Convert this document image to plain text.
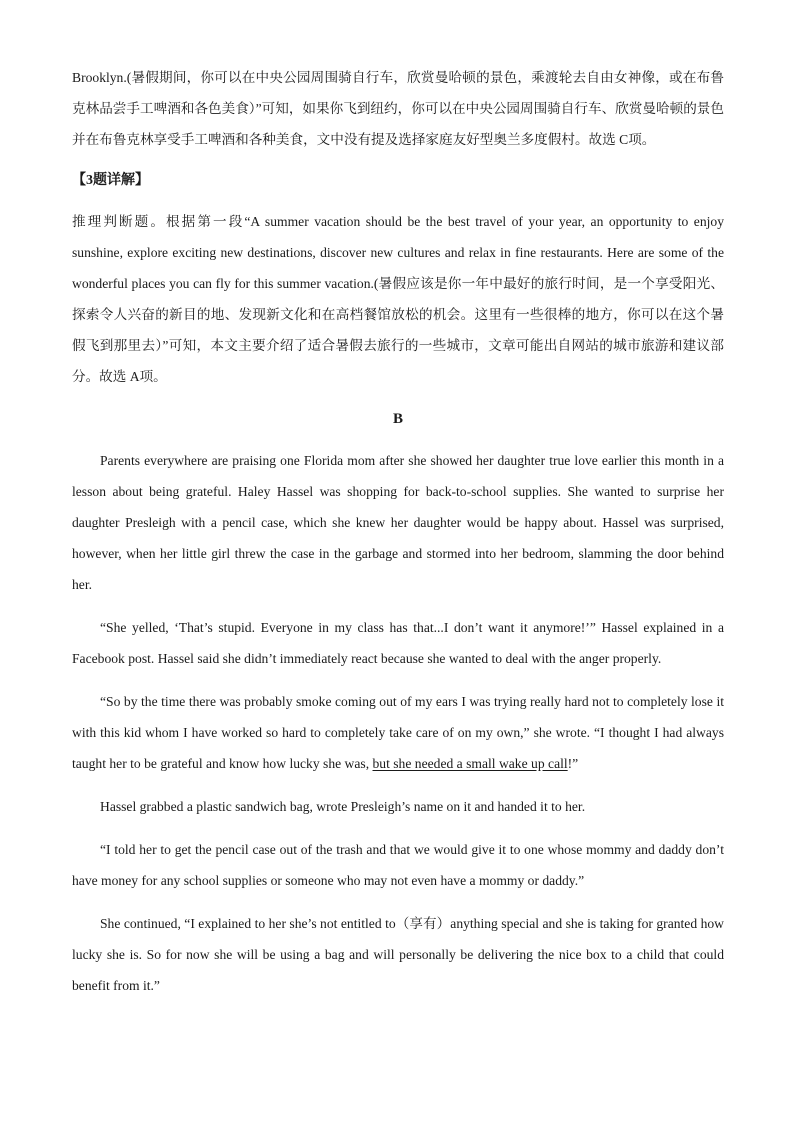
Brooklyn.(暑假期间，你可以在中央公园周围骑自行车，欣赏曼哈顿的景色，乘渡轮去自由女神像，或在布鲁克林品尝手工啤酒和各色美食）”可知，如果你飞到纽约，你可以在中央公园周围骑自行车、欣赏曼哈顿的景色并在布鲁克林享受手工啤酒和各种美食，文中没有提及选择家庭友好型奥兰多度假村。故选 C项。

【3题详解】

推理判断题。根据第一段“A summer vacation should be the best travel of your year, an opportunity to enjoy sunshine, explore exciting new destinations, discover new cultures and relax in fine restaurants. Here are some of the wonderful places you can fly for this summer vacation.(暑假应该是你一年中最好的旅行时间，是一个享受阳光、探索令人兴奋的新目的地、发现新文化和在高档餐馆放松的机会。这里有一些很棒的地方，你可以在这个暑假飞到那里去）”可知，本文主要介绍了适合暑假去旅行的一些城市，文章可能出自网站的城市旅游和建议部分。故选 A项。

B

Parents everywhere are praising one Florida mom after she showed her daughter true love earlier this month in a lesson about being grateful. Haley Hassel was shopping for back-to-school supplies. She wanted to surprise her daughter Presleigh with a pencil case, which she knew her daughter would be happy about. Hassel was surprised, however, when her little girl threw the case in the garbage and stormed into her bedroom, slamming the door behind her.

“She yelled, ‘That’s stupid. Everyone in my class has that...I don’t want it anymore!’” Hassel explained in a Facebook post. Hassel said she didn’t immediately react because she wanted to deal with the anger properly.

“So by the time there was probably smoke coming out of my ears I was trying really hard not to completely lose it with this kid whom I have worked so hard to completely take care of on my own,” she wrote. “I thought I had always taught her to be grateful and know how lucky she was, but she needed a small wake up call!”

Hassel grabbed a plastic sandwich bag, wrote Presleigh’s name on it and handed it to her.

“I told her to get the pencil case out of the trash and that we would give it to one whose mommy and daddy don’t have money for any school supplies or someone who may not even have a mommy or daddy.”

She continued, “I explained to her she’s not entitled to（享有）anything special and she is taking for granted how lucky she is. So for now she will be using a bag and will personally be delivering the nice box to a child that could benefit from it.”
